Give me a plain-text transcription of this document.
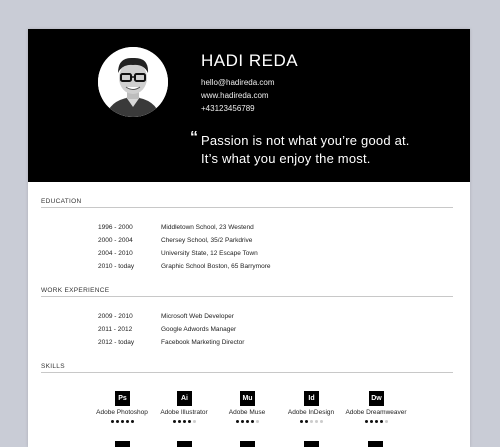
HADI REDA
hello@hadireda.com
www.hadireda.com
+43123456789
“ Passion is not what you’re good at.
It’s what you enjoy the most.
EDUCATION
1996 - 2000	Middletown School, 23 Westend
2000 - 2004	Chersey School, 35/2 Parkdrive
2004 - 2010	University State, 12 Escape Town
2010 - today	Graphic School Boston, 65 Barrymore
WORK EXPERIENCE
2009 - 2010	Microsoft Web Developer
2011 - 2012	Google Adwords Manager
2012 - today	Facebook Marketing Director
SKILLS
Ps
Adobe Photoshop
Ai
Adobe Illustrator
Mu
Adobe Muse
Id
Adobe InDesign
Dw
Adobe Dreamweaver
